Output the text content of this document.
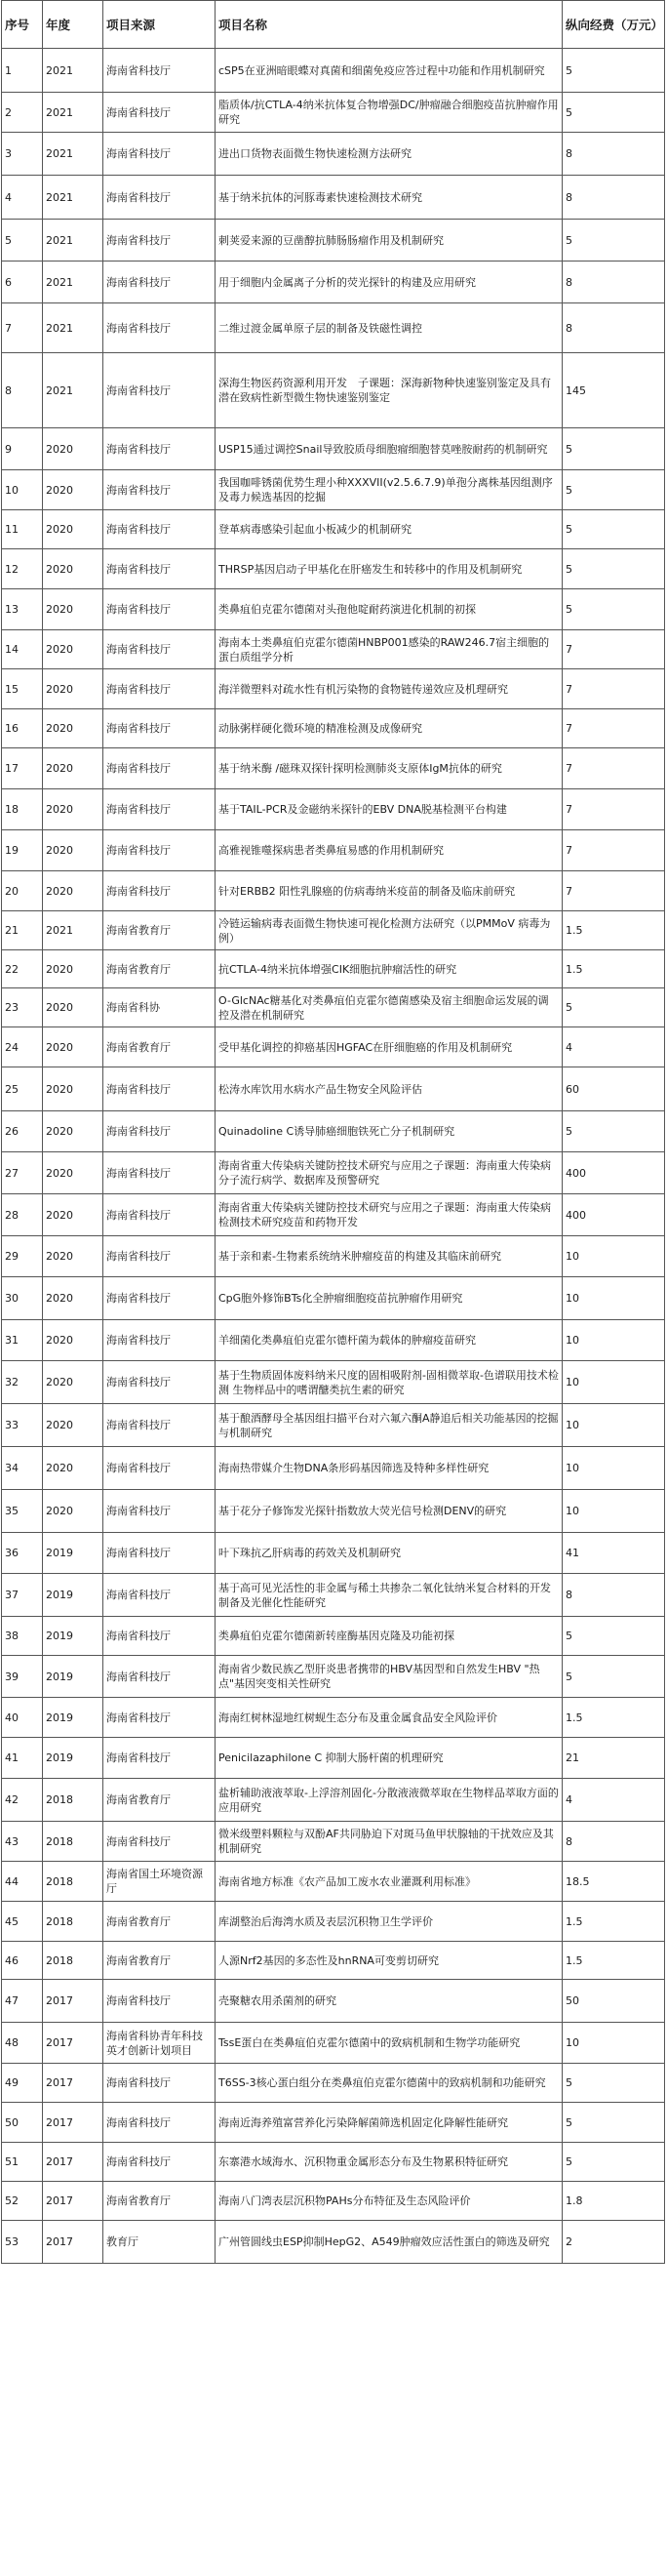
序号	年度	项目来源	项目名称	纵向经费（万元）
1	2021	海南省科技厅	cSP5在亚洲暗眼蝶对真菌和细菌免疫应答过程中功能和作用机制研究	5
2	2021	海南省科技厅	脂质体/抗CTLA-4纳米抗体复合物增强DC/肿瘤融合细胞疫苗抗肿瘤作用研究	5
3	2021	海南省科技厅	进出口货物表面微生物快速检测方法研究	8
4	2021	海南省科技厅	基于纳米抗体的河豚毒素快速检测技术研究	8
5	2021	海南省科技厅	刺荚爱来源的豆凿醇抗肺肠肠瘤作用及机制研究	5
6	2021	海南省科技厅	用于细胞内金属离子分析的荧光探针的构建及应用研究	8
7	2021	海南省科技厅	二维过渡金属单原子层的制备及铁磁性调控	8
8	2021	海南省科技厅	深海生物医药资源利用开发　子课题：深海新物种快速鉴别鉴定及具有潜在致病性新型微生物快速鉴别鉴定	145
9	2020	海南省科技厅	USP15通过调控Snail导致胶质母细胞瘤细胞替莫唑胺耐药的机制研究	5
10	2020	海南省科技厅	我国咖啡锈菌优势生理小种XXXVII(v2.5.6.7.9)单孢分离株基因组测序及毒力候选基因的挖掘	5
11	2020	海南省科技厅	登革病毒感染引起血小板减少的机制研究	5
12	2020	海南省科技厅	THRSP基因启动子甲基化在肝癌发生和转移中的作用及机制研究	5
13	2020	海南省科技厅	类鼻疽伯克霍尔德菌对头孢他啶耐药演进化机制的初探	5
14	2020	海南省科技厅	海南本土类鼻疽伯克霍尔德菌HNBP001感染的RAW246.7宿主细胞的蛋白质组学分析	7
15	2020	海南省科技厅	海洋微塑料对疏水性有机污染物的食物链传递效应及机理研究	7
16	2020	海南省科技厅	动脉粥样硬化微环境的精准检测及成像研究	7
17	2020	海南省科技厅	基于纳米酶 /磁珠双探针探明检测肺炎支原体IgM抗体的研究	7
18	2020	海南省科技厅	基于TAIL-PCR及金磁纳米探针的EBV DNA脱基检测平台构建	7
19	2020	海南省科技厅	高雅视锥噬探病患者类鼻疽易感的作用机制研究	7
20	2020	海南省科技厅	针对ERBB2 阳性乳腺癌的仿病毒纳米疫苗的制备及临床前研究	7
21	2021	海南省教育厅	冷链运输病毒表面微生物快速可视化检测方法研究（以PMMoV 病毒为例）	1.5
22	2020	海南省教育厅	抗CTLA-4纳米抗体增强CIK细胞抗肿瘤活性的研究	1.5
23	2020	海南省科协	O-GlcNAc糖基化对类鼻疽伯克霍尔德菌感染及宿主细胞命运发展的调控及潜在机制研究	5
24	2020	海南省教育厅	受甲基化调控的抑癌基因HGFAC在肝细胞癌的作用及机制研究	4
25	2020	海南省科技厅	松涛水库饮用水病水产品生物安全风险评估	60
26	2020	海南省科技厅	Quinadoline C诱导肺癌细胞铁死亡分子机制研究	5
27	2020	海南省科技厅	海南省重大传染病关键防控技术研究与应用之子课题：海南重大传染病分子流行病学、数据库及预警研究	400
28	2020	海南省科技厅	海南省重大传染病关键防控技术研究与应用之子课题：海南重大传染病检测技术研究疫苗和药物开发	400
29	2020	海南省科技厅	基于亲和素-生物素系统纳米肿瘤疫苗的构建及其临床前研究	10
30	2020	海南省科技厅	CpG胞外修饰BTs化全肿瘤细胞疫苗抗肿瘤作用研究	10
31	2020	海南省科技厅	羊细菌化类鼻疽伯克霍尔德杆菌为载体的肿瘤疫苗研究	10
32	2020	海南省科技厅	基于生物质固体废料纳米尺度的固相吸附剂-固相微萃取-色谱联用技术检测 生物样品中的嗜谓醣类抗生素的研究	10
33	2020	海南省科技厅	基于酿酒酵母全基因组扫描平台对六氟六酮A静追后相关功能基因的挖掘与机制研究	10
34	2020	海南省科技厅	海南热带媒介生物DNA条形码基因筛选及特种多样性研究	10
35	2020	海南省科技厅	基于花分子修饰发光探针指数放大荧光信号检测DENV的研究	10
36	2019	海南省科技厅	叶下珠抗乙肝病毒的药效关及机制研究	41
37	2019	海南省科技厅	基于高可见光活性的非金属与稀土共掺杂二氧化钛纳米复合材料的开发制备及光催化性能研究	8
38	2019	海南省科技厅	类鼻疽伯克霍尔德菌新转座酶基因克隆及功能初探	5
39	2019	海南省科技厅	海南省少数民族乙型肝炎患者携带的HBV基因型和自然发生HBV "热点"基因突变相关性研究	5
40	2019	海南省科技厅	海南红树林湿地红树蚬生态分布及重金属食品安全风险评价	1.5
41	2019	海南省科技厅	Penicilazaphilone C 抑制大肠杆菌的机理研究	21
42	2018	海南省教育厅	盐析辅助液液萃取-上浮溶剂固化-分散液液微萃取在生物样品萃取方面的应用研究	4
43	2018	海南省科技厅	微米级塑料颗粒与双酚AF共同胁迫下对斑马鱼甲状腺轴的干扰效应及其机制研究	8
44	2018	海南省国土环境资源厅	海南省地方标准《农产品加工废水农业灌溉利用标准》	18.5
45	2018	海南省教育厅	库湖整治后海湾水质及表层沉积物卫生学评价	1.5
46	2018	海南省教育厅	人源Nrf2基因的多态性及hnRNA可变剪切研究	1.5
47	2017	海南省科技厅	壳聚糖农用杀菌剂的研究	50
48	2017	海南省科协青年科技英才创新计划项目	TssE蛋白在类鼻疽伯克霍尔德菌中的致病机制和生物学功能研究	10
49	2017	海南省科技厅	T6SS-3核心蛋白组分在类鼻疽伯克霍尔德菌中的致病机制和功能研究	5
50	2017	海南省科技厅	海南近海养殖富营养化污染降解菌筛选机固定化降解性能研究	5
51	2017	海南省科技厅	东寨港水域海水、沉积物重金属形态分布及生物累积特征研究	5
52	2017	海南省教育厅	海南八门湾表层沉积物PAHs分布特征及生态风险评价	1.8
53	2017	教育厅	广州管圆线虫ESP抑制HepG2、A549肿瘤效应活性蛋白的筛选及研究	2
